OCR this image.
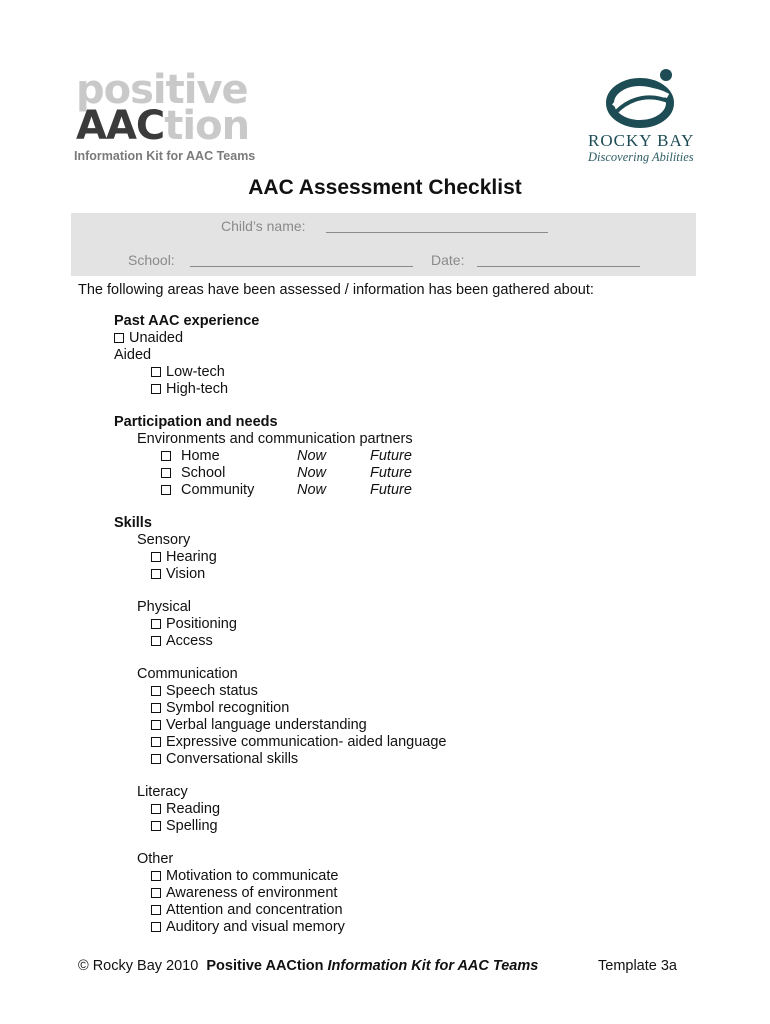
positive
AACtion
Information Kit for AAC Teams
ROCKY BAY
Discovering Abilities
AAC Assessment Checklist
Child’s name:
School:	Date:
The following areas have been assessed / information has been gathered about:
Past AAC experience
Unaided
Aided
Low-tech
High-tech
Participation and needs
Environments and communication partners
Home	Now	Future
School	Now	Future
Community	Now	Future
Skills
Sensory
Hearing
Vision
Physical
Positioning
Access
Communication
Speech status
Symbol recognition
Verbal language understanding
Expressive communication- aided language
Conversational skills
Literacy
Reading
Spelling
Other
Motivation to communicate
Awareness of environment
Attention and concentration
Auditory and visual memory
© Rocky Bay 2010 Positive AACtion Information Kit for AAC Teams	Template 3a
